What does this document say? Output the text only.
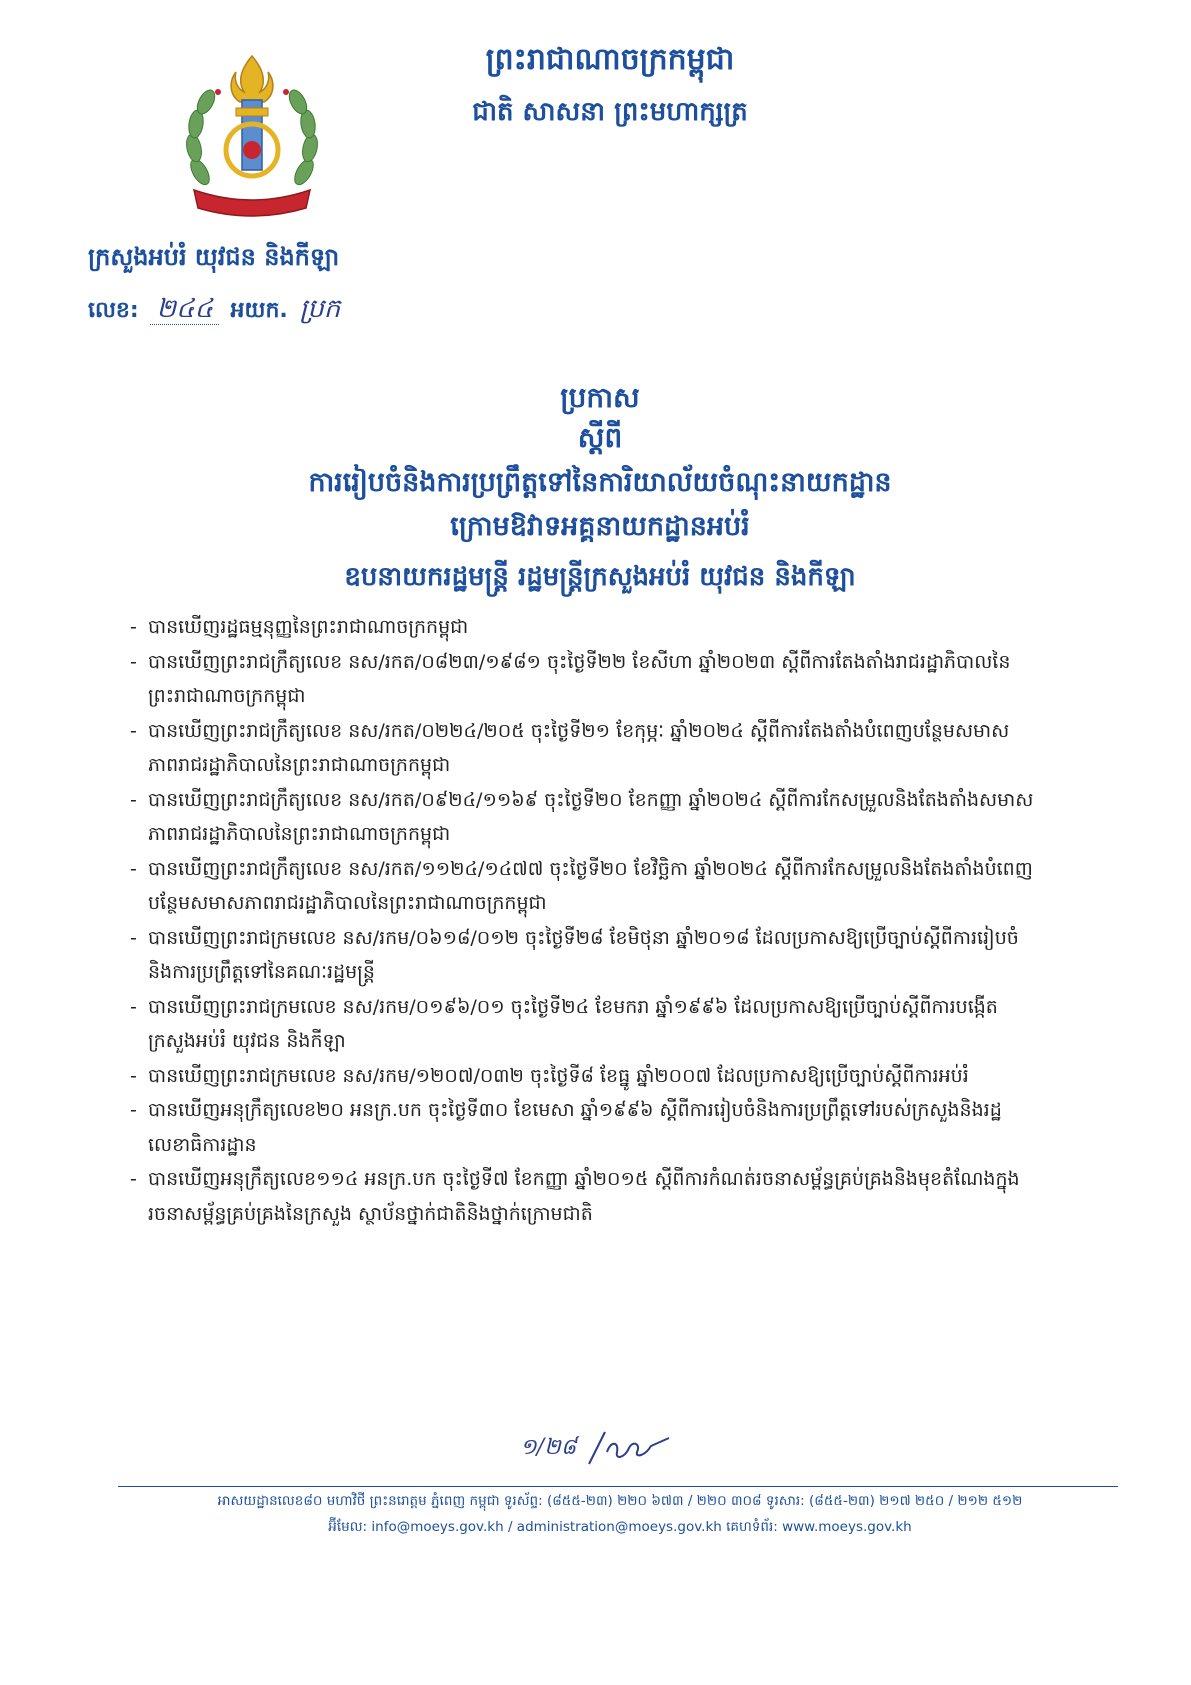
ព្រះរាជាណាចក្រកម្ពុជា
ជាតិ សាសនា ព្រះមហាក្សត្រ
ក្រសួងអប់រំ យុវជន និងកីឡា
លេខ: ២៤៤ អយក. ប្រក
ប្រកាស
ស្តីពី
ការរៀបចំនិងការប្រព្រឹត្តទៅនៃការិយាល័យចំណុះនាយកដ្ឋាន
ក្រោមឱវាទអគ្គនាយកដ្ឋានអប់រំ
ឧបនាយករដ្ឋមន្ត្រី រដ្ឋមន្ត្រីក្រសួងអប់រំ យុវជន និងកីឡា
- បានឃើញរដ្ឋធម្មនុញ្ញនៃព្រះរាជាណាចក្រកម្ពុជា
- បានឃើញព្រះរាជក្រឹត្យលេខ នស/រកត/០៨២៣/១៩៨១ ចុះថ្ងៃទី២២ ខែសីហា ឆ្នាំ២០២៣ ស្តីពីការតែងតាំងរាជរដ្ឋាភិបាលនៃព្រះរាជាណាចក្រកម្ពុជា
- បានឃើញព្រះរាជក្រឹត្យលេខ នស/រកត/០២២៤/២០៥ ចុះថ្ងៃទី២១ ខែកុម្ភៈ ឆ្នាំ២០២៤ ស្តីពីការតែងតាំងបំពេញបន្ថែមសមាសភាពរាជរដ្ឋាភិបាលនៃព្រះរាជាណាចក្រកម្ពុជា
- បានឃើញព្រះរាជក្រឹត្យលេខ នស/រកត/០៩២៤/១១៦៩ ចុះថ្ងៃទី២០ ខែកញ្ញា ឆ្នាំ២០២៤ ស្តីពីការកែសម្រួលនិងតែងតាំងសមាសភាពរាជរដ្ឋាភិបាលនៃព្រះរាជាណាចក្រកម្ពុជា
- បានឃើញព្រះរាជក្រឹត្យលេខ នស/រកត/១១២៤/១៤៧៧ ចុះថ្ងៃទី២០ ខែវិច្ឆិកា ឆ្នាំ២០២៤ ស្តីពីការកែសម្រួលនិងតែងតាំងបំពេញបន្ថែមសមាសភាពរាជរដ្ឋាភិបាលនៃព្រះរាជាណាចក្រកម្ពុជា
- បានឃើញព្រះរាជក្រមលេខ នស/រកម/០៦១៨/០១២ ចុះថ្ងៃទី២៨ ខែមិថុនា ឆ្នាំ២០១៨ ដែលប្រកាសឱ្យប្រើច្បាប់ស្តីពីការរៀបចំនិងការប្រព្រឹត្តទៅនៃគណៈរដ្ឋមន្ត្រី
- បានឃើញព្រះរាជក្រមលេខ នស/រកម/០១៩៦/០១ ចុះថ្ងៃទី២៤ ខែមករា ឆ្នាំ១៩៩៦ ដែលប្រកាសឱ្យប្រើច្បាប់ស្តីពីការបង្កើតក្រសួងអប់រំ យុវជន និងកីឡា
- បានឃើញព្រះរាជក្រមលេខ នស/រកម/១២០៧/០៣២ ចុះថ្ងៃទី៨ ខែធ្នូ ឆ្នាំ២០០៧ ដែលប្រកាសឱ្យប្រើច្បាប់ស្តីពីការអប់រំ
- បានឃើញអនុក្រឹត្យលេខ២០ អនក្រ.បក ចុះថ្ងៃទី៣០ ខែមេសា ឆ្នាំ១៩៩៦ ស្តីពីការរៀបចំនិងការប្រព្រឹត្តទៅរបស់ក្រសួងនិងរដ្ឋលេខាធិការដ្ឋាន
- បានឃើញអនុក្រឹត្យលេខ១១៤ អនក្រ.បក ចុះថ្ងៃទី៧ ខែកញ្ញា ឆ្នាំ២០១៥ ស្តីពីការកំណត់រចនាសម្ព័ន្ធគ្រប់គ្រងនិងមុខតំណែងក្នុងរចនាសម្ព័ន្ធគ្រប់គ្រងនៃក្រសួង ស្ថាប័នថ្នាក់ជាតិនិងថ្នាក់ក្រោមជាតិ
១/២៨
អាសយដ្ឋានលេខ៨០ មហាវិថី ព្រះនរោត្តម ភ្នំពេញ កម្ពុជា ទូរស័ព្ទ: (៨៥៥-២៣) ២២០ ៦៧៣ / ២២០ ៣០៨ ទូរសារ: (៨៥៥-២៣) ២១៧ ២៥០ / ២១២ ៥១២
អ៊ីមែល: info@moeys.gov.kh / administration@moeys.gov.kh គេហទំព័រ: www.moeys.gov.kh
